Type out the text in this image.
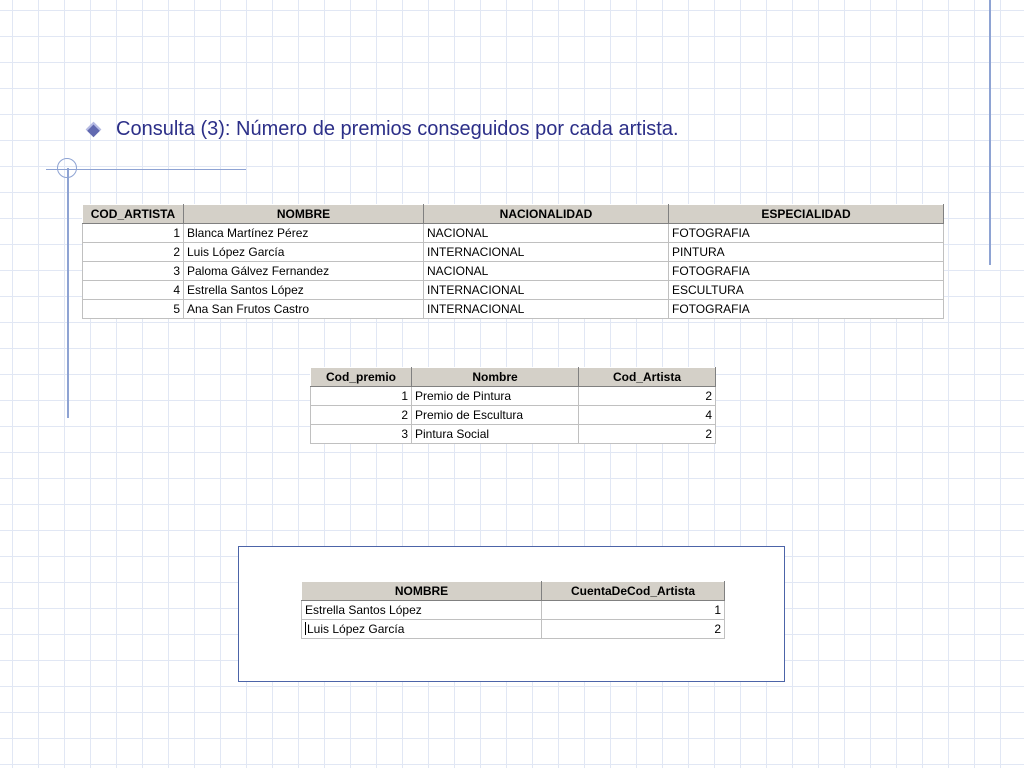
Consulta (3): Número de premios conseguidos por cada artista.
COD_ARTISTA	NOMBRE	NACIONALIDAD	ESPECIALIDAD
1	Blanca Martínez Pérez	NACIONAL	FOTOGRAFIA
2	Luis López García	INTERNACIONAL	PINTURA
3	Paloma Gálvez Fernandez	NACIONAL	FOTOGRAFIA
4	Estrella Santos López	INTERNACIONAL	ESCULTURA
5	Ana San Frutos Castro	INTERNACIONAL	FOTOGRAFIA
Cod_premio	Nombre	Cod_Artista
1	Premio de Pintura	2
2	Premio de Escultura	4
3	Pintura Social	2
NOMBRE	CuentaDeCod_Artista
Estrella Santos López	1
Luis López García	2
